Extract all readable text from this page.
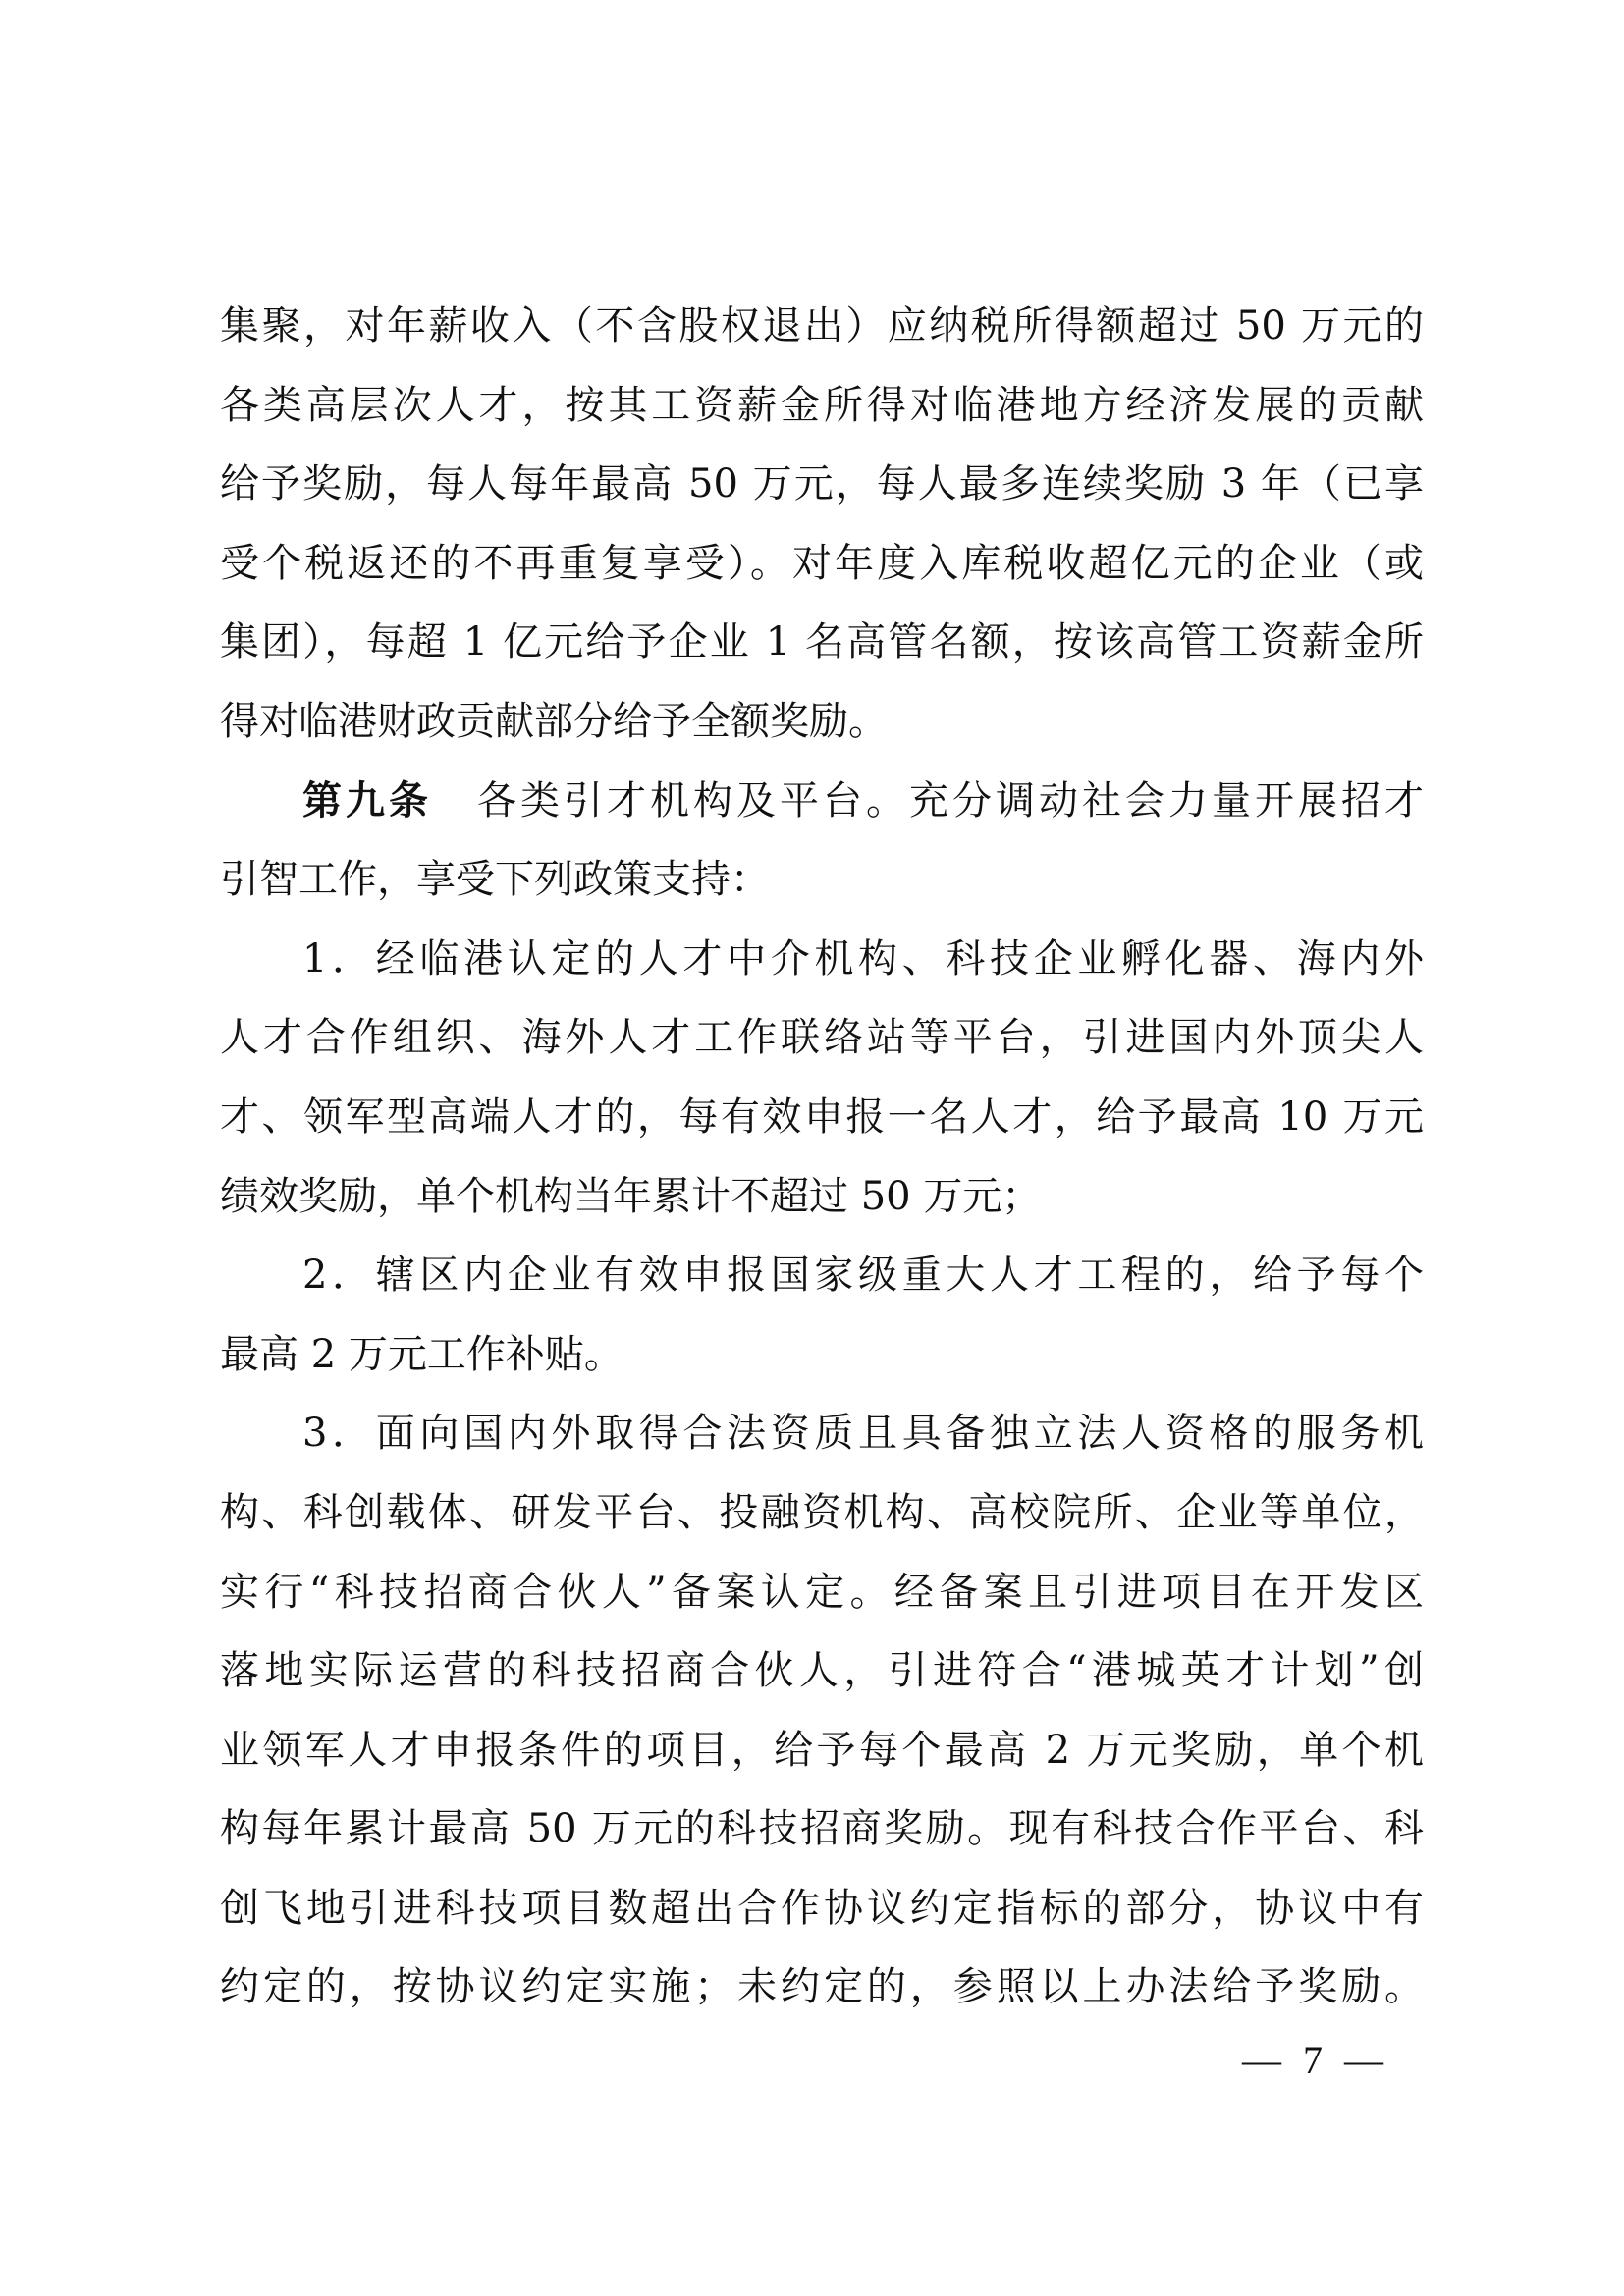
集聚，对年薪收入（不含股权退出）应纳税所得额超过 50 万元的
各类高层次人才，按其工资薪金所得对临港地方经济发展的贡献
给予奖励，每人每年最高 50 万元，每人最多连续奖励 3 年（已享
受个税返还的不再重复享受）。对年度入库税收超亿元的企业（或
集团），每超 1 亿元给予企业 1 名高管名额，按该高管工资薪金所
得对临港财政贡献部分给予全额奖励。

第九条 各类引才机构及平台。充分调动社会力量开展招才
引智工作，享受下列政策支持：

1．经临港认定的人才中介机构、科技企业孵化器、海内外
人才合作组织、海外人才工作联络站等平台，引进国内外顶尖人
才、领军型高端人才的，每有效申报一名人才，给予最高 10 万元
绩效奖励，单个机构当年累计不超过 50 万元；

2．辖区内企业有效申报国家级重大人才工程的，给予每个
最高 2 万元工作补贴。

3．面向国内外取得合法资质且具备独立法人资格的服务机
构、科创载体、研发平台、投融资机构、高校院所、企业等单位，
实行“科技招商合伙人”备案认定。经备案且引进项目在开发区
落地实际运营的科技招商合伙人，引进符合“港城英才计划”创
业领军人才申报条件的项目，给予每个最高 2 万元奖励，单个机
构每年累计最高 50 万元的科技招商奖励。现有科技合作平台、科
创飞地引进科技项目数超出合作协议约定指标的部分，协议中有
约定的，按协议约定实施；未约定的，参照以上办法给予奖励。

— 7 —
